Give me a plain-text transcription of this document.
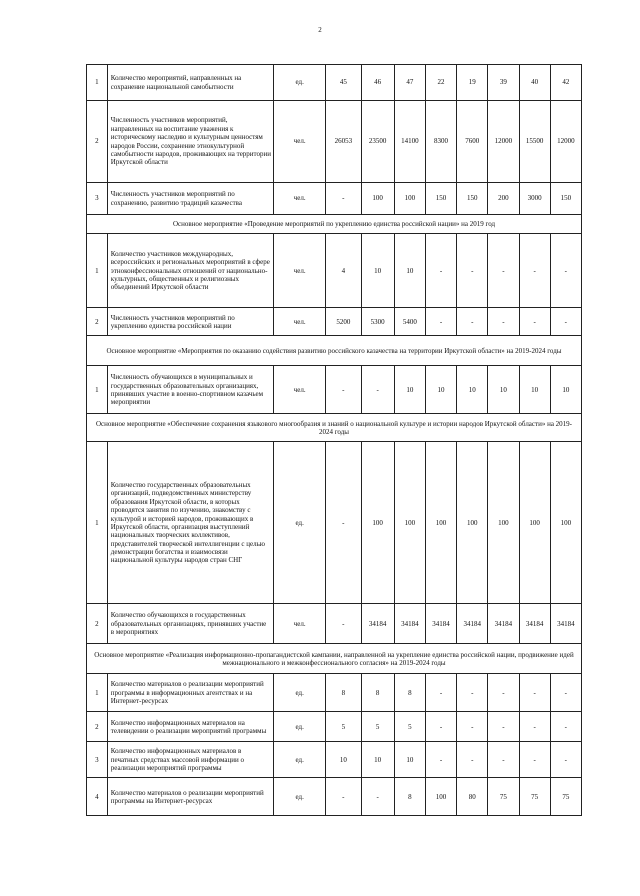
2
1	Количество мероприятий, направленных на сохранение национальной самобытности	ед.	45	46	47	22	19	39	40	42
2	Численность участников мероприятий, направленных на воспитание уважения к историческому наследию и культурным ценностям народов России, сохранение этнокультурной самобытности народов, проживающих на территории Иркутской области	чел.	26053	23500	14100	8300	7600	12000	15500	12000
3	Численность участников мероприятий по сохранению, развитию традиций казачества	чел.	-	100	100	150	150	200	3000	150
Основное мероприятие «Проведение мероприятий по укреплению единства российской нации» на 2019 год										
1	Количество участников международных, всероссийских и региональных мероприятий в сфере этноконфессиональных отношений от национально-культурных, общественных и религиозных объединений Иркутской области	чел.	4	10	10	-	-	-	-	-
2	Численность участников мероприятий по укреплению единства российской нации	чел.	5200	5300	5400	-	-	-	-	-
Основное мероприятие «Мероприятия по оказанию содействия развитию российского казачества на территории Иркутской области» на 2019-2024 годы										
1	Численность обучающихся в муниципальных и государственных образовательных организациях, принявших участие в военно-спортивном казачьем мероприятии	чел.	-	-	10	10	10	10	10	10
Основное мероприятие «Обеспечение сохранения языкового многообразия и знаний о национальной культуре и истории народов Иркутской области» на 2019-2024 годы										
1	Количество государственных образовательных организаций, подведомственных министерству образования Иркутской области, в которых проводятся занятия по изучению, знакомству с культурой и историей народов, проживающих в Иркутской области, организация выступлений национальных творческих коллективов, представителей творческой интеллигенции с целью демонстрации богатства и взаимосвязи национальной культуры народов стран СНГ	ед.	-	100	100	100	100	100	100	100
2	Количество обучающихся в государственных образовательных организациях, принявших участие в мероприятиях	чел.	-	34184	34184	34184	34184	34184	34184	34184
Основное мероприятие «Реализация информационно-пропагандистской кампании, направленной на укрепление единства российской нации, продвижение идей межнационального и межконфессионального согласия» на 2019-2024 годы										
1	Количество материалов о реализации мероприятий программы в информационных агентствах и на Интернет-ресурсах	ед.	8	8	8	-	-	-	-	-
2	Количество информационных материалов на телевидении о реализации мероприятий программы	ед.	5	5	5	-	-	-	-	-
3	Количество информационных материалов в печатных средствах массовой информации о реализации мероприятий программы	ед.	10	10	10	-	-	-	-	-
4	Количество материалов о реализации мероприятий программы на Интернет-ресурсах	ед.	-	-	8	100	80	75	75	75
